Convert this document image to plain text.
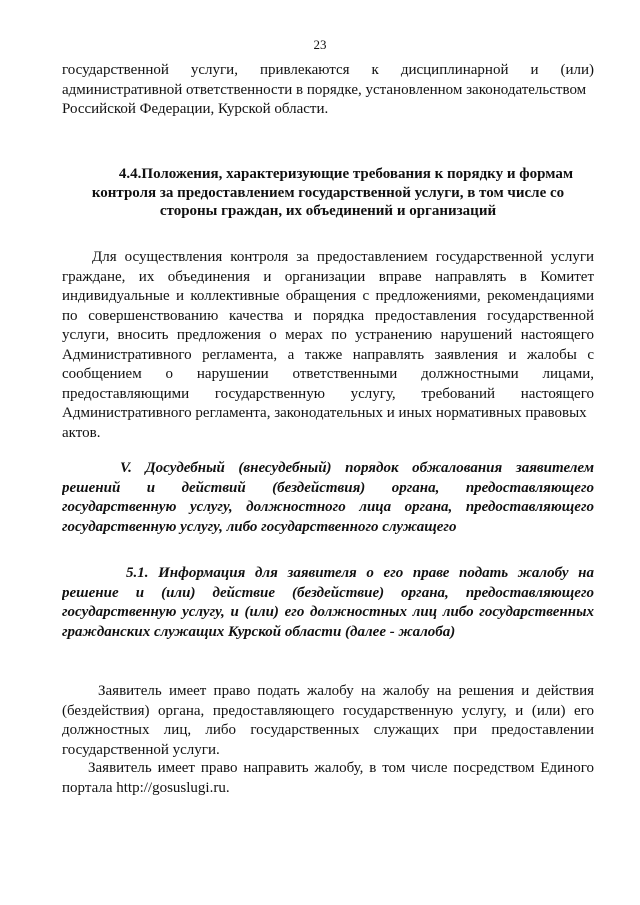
23
государственной услуги, привлекаются к дисциплинарной и (или)
административной ответственности в порядке, установленном законодательством
Российской Федерации, Курской области.
4.4.Положения, характеризующие требования к порядку и формам
контроля за предоставлением государственной услуги, в том числе со
стороны граждан, их объединений и организаций
Для осуществления контроля за предоставлением государственной услуги
граждане, их объединения и организации вправе направлять в Комитет
индивидуальные и коллективные обращения с предложениями, рекомендациями
по совершенствованию качества и порядка предоставления государственной
услуги, вносить предложения о мерах по устранению нарушений настоящего
Административного регламента, а также направлять заявления и жалобы с
сообщением о нарушении ответственными должностными лицами,
предоставляющими государственную услугу, требований настоящего
Административного регламента, законодательных и иных нормативных правовых
актов.
V. Досудебный (внесудебный) порядок обжалования заявителем
решений и действий (бездействия) органа, предоставляющего
государственную услугу, должностного лица органа, предоставляющего
государственную услугу, либо государственного служащего
5.1. Информация для заявителя о его праве подать жалобу на
решение и (или) действие (бездействие) органа, предоставляющего
государственную услугу, и (или) его должностных лиц либо государственных
гражданских служащих Курской области (далее - жалоба)
Заявитель имеет право подать жалобу на жалобу на решения и действия
(бездействия) органа, предоставляющего государственную услугу, и (или) его
должностных лиц, либо государственных служащих при предоставлении
государственной услуги.
Заявитель имеет право направить жалобу, в том числе посредством Единого
портала http://gosuslugi.ru.
